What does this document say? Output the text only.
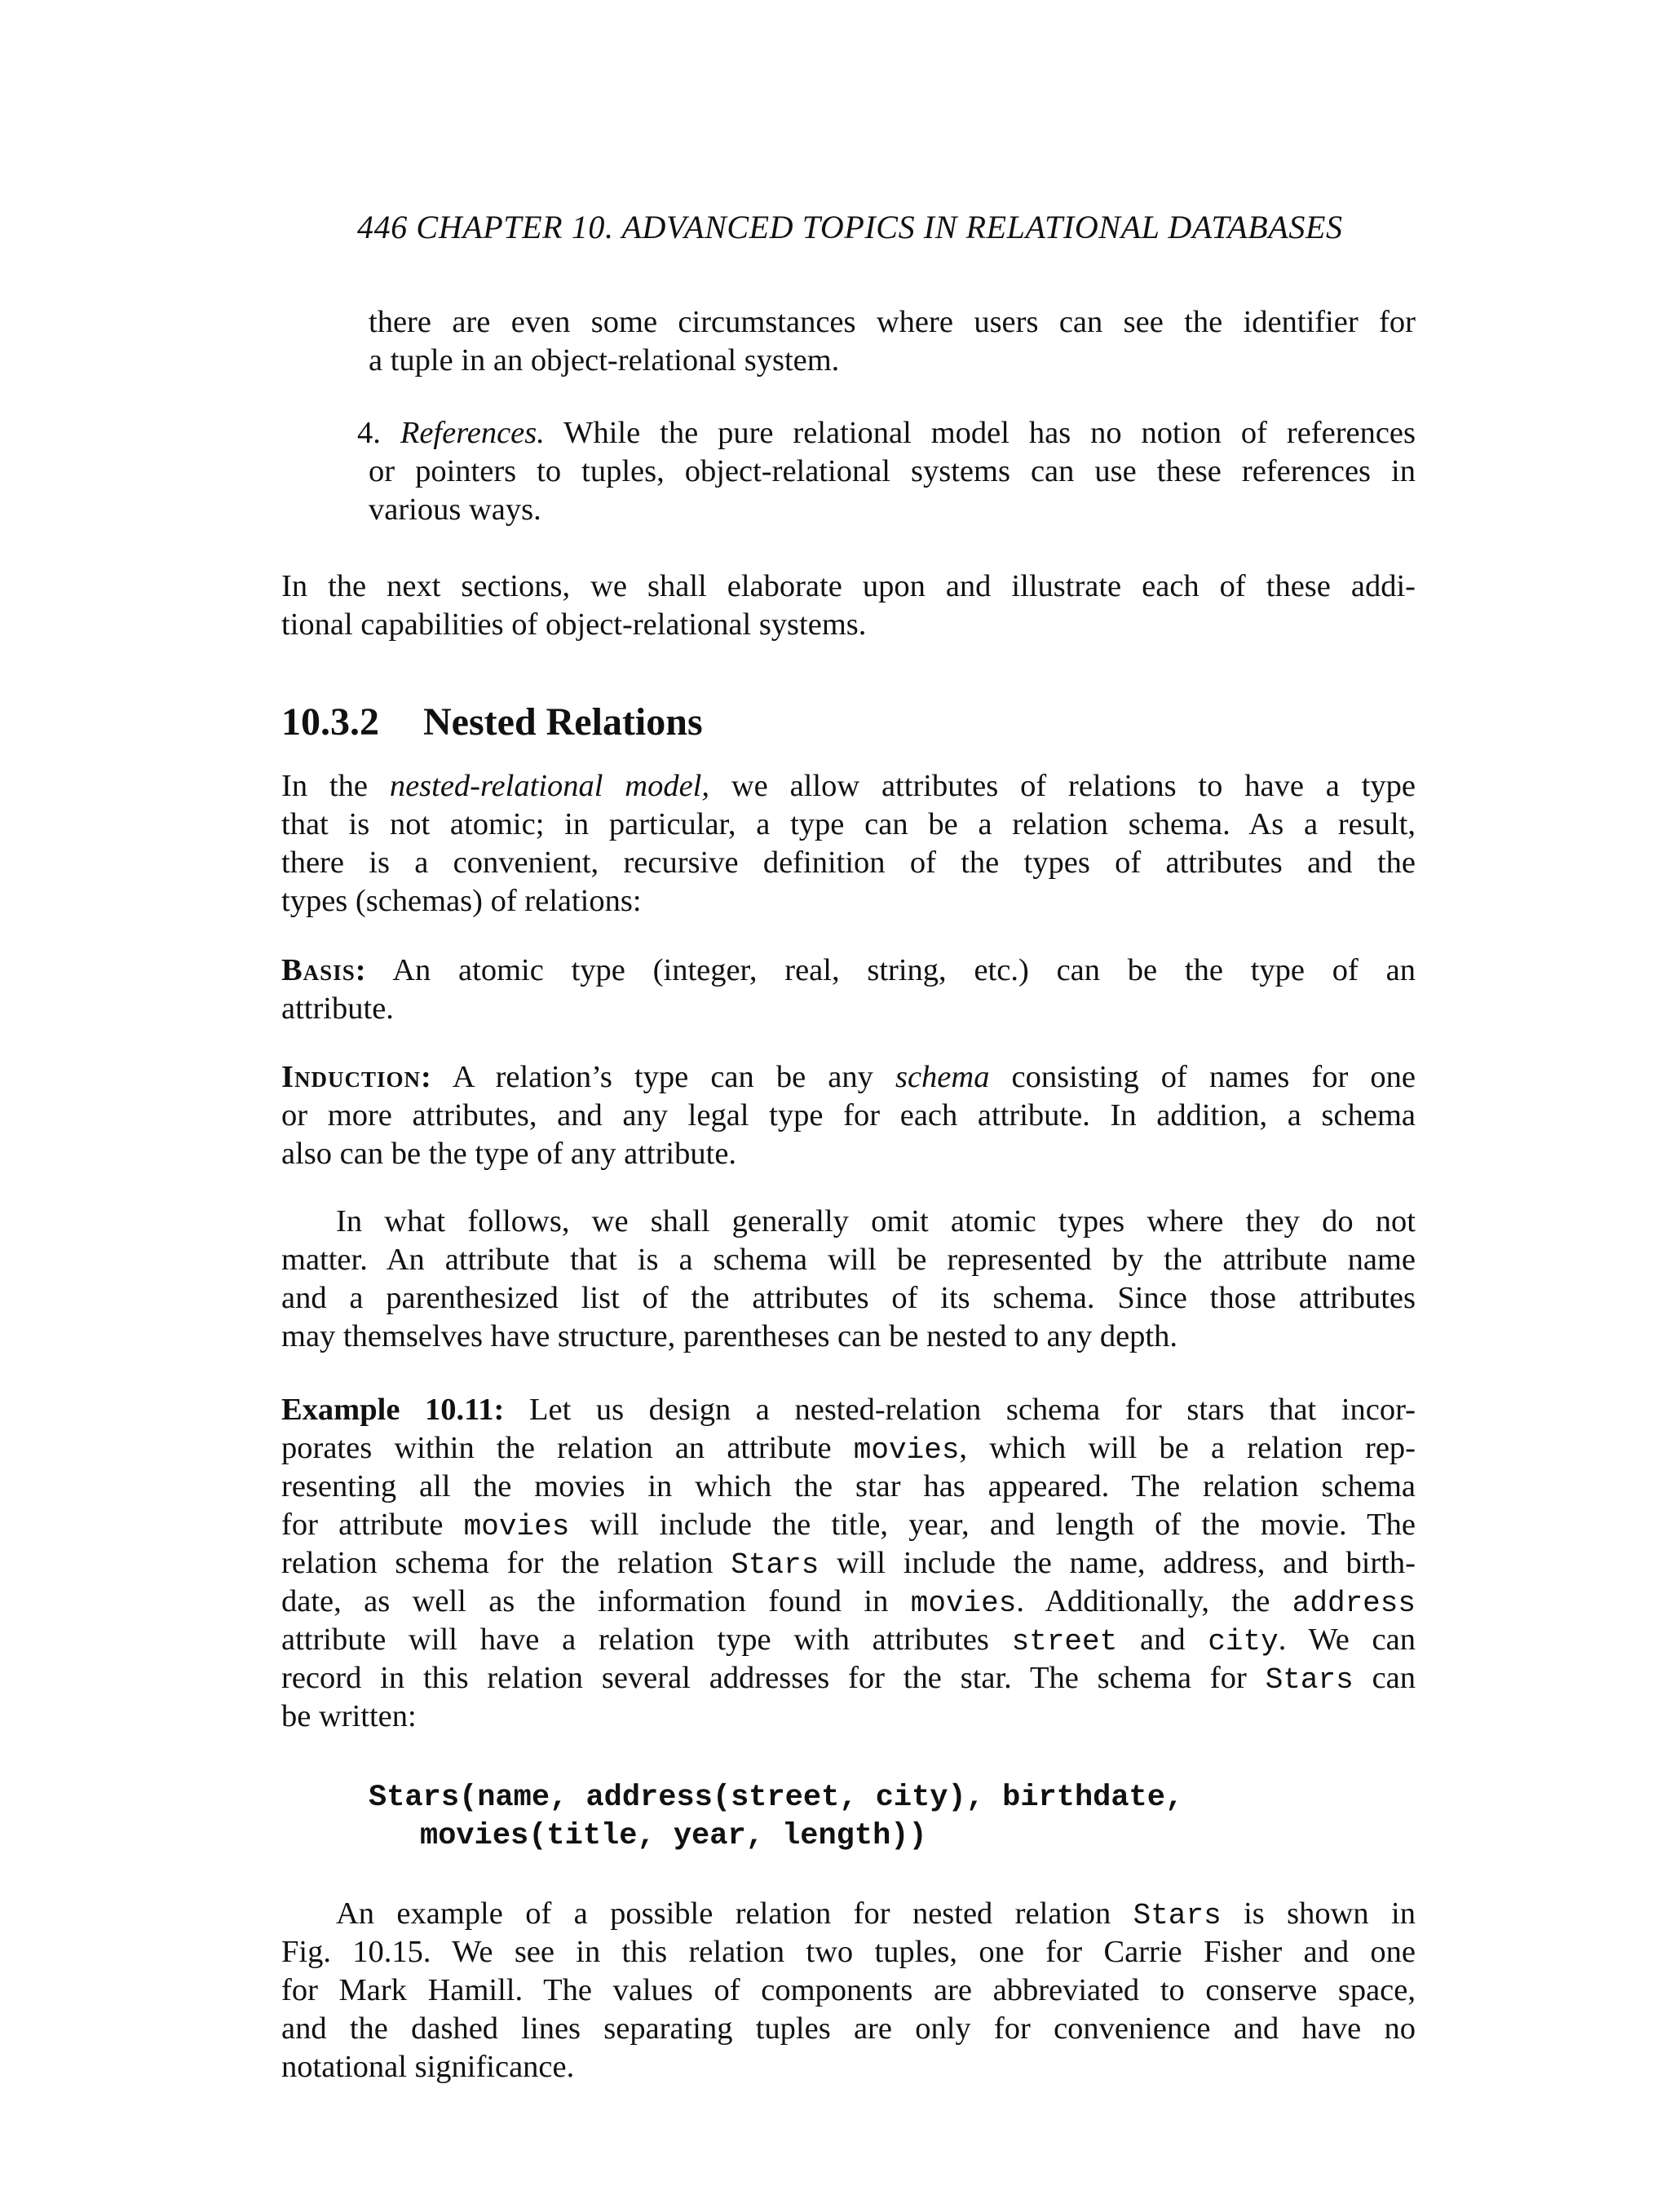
446 CHAPTER 10. ADVANCED TOPICS IN RELATIONAL DATABASES
there are even some circumstances where users can see the identifier for
a tuple in an object-relational system.
4. References. While the pure relational model has no notion of references
or pointers to tuples, object-relational systems can use these references in
various ways.
In the next sections, we shall elaborate upon and illustrate each of these addi-
tional capabilities of object-relational systems.
10.3.2 Nested Relations
In the nested-relational model, we allow attributes of relations to have a type
that is not atomic; in particular, a type can be a relation schema. As a result,
there is a convenient, recursive definition of the types of attributes and the
types (schemas) of relations:
Basis: An atomic type (integer, real, string, etc.) can be the type of an
attribute.
Induction: A relation’s type can be any schema consisting of names for one
or more attributes, and any legal type for each attribute. In addition, a schema
also can be the type of any attribute.
In what follows, we shall generally omit atomic types where they do not
matter. An attribute that is a schema will be represented by the attribute name
and a parenthesized list of the attributes of its schema. Since those attributes
may themselves have structure, parentheses can be nested to any depth.
Example 10.11: Let us design a nested-relation schema for stars that incor-
porates within the relation an attribute movies, which will be a relation rep-
resenting all the movies in which the star has appeared. The relation schema
for attribute movies will include the title, year, and length of the movie. The
relation schema for the relation Stars will include the name, address, and birth-
date, as well as the information found in movies. Additionally, the address
attribute will have a relation type with attributes street and city. We can
record in this relation several addresses for the star. The schema for Stars can
be written:
Stars(name, address(street, city), birthdate,
movies(title, year, length))
An example of a possible relation for nested relation Stars is shown in
Fig. 10.15. We see in this relation two tuples, one for Carrie Fisher and one
for Mark Hamill. The values of components are abbreviated to conserve space,
and the dashed lines separating tuples are only for convenience and have no
notational significance.
